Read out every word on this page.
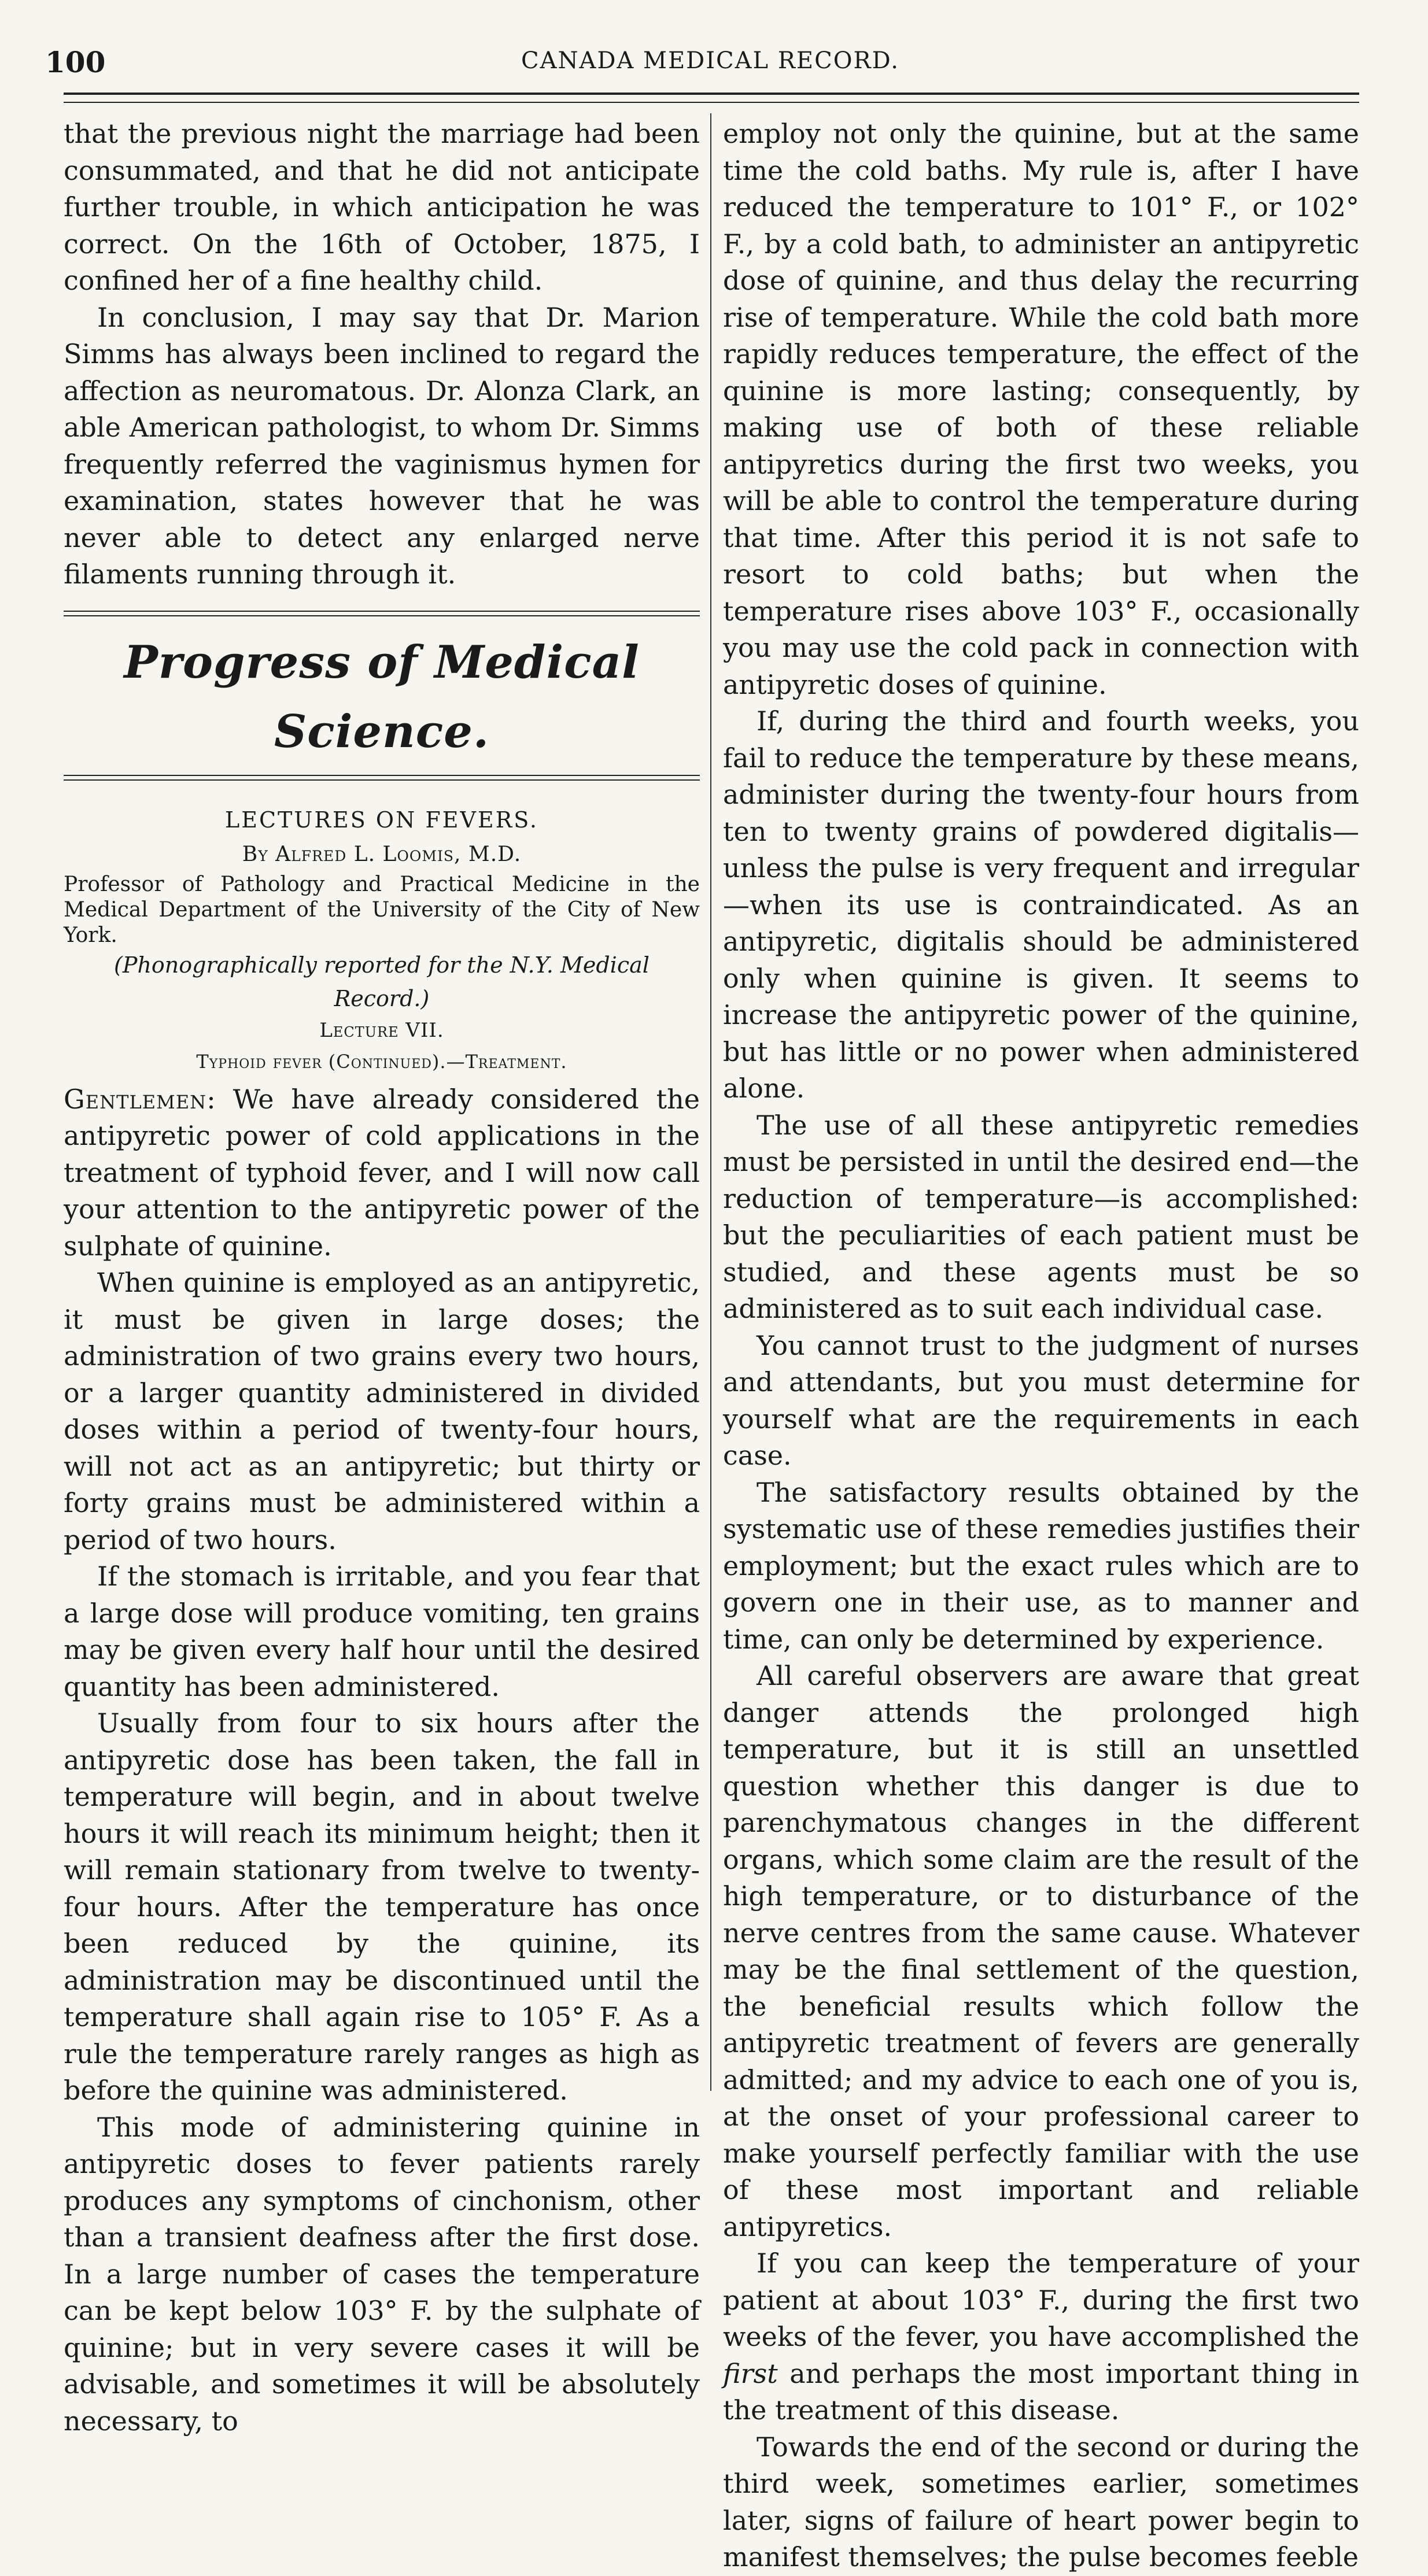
100	CANADA MEDICAL RECORD.

that the previous night the marriage had been consummated, and that he did not anticipate further trouble, in which anticipation he was correct. On the 16th of October, 1875, I confined her of a fine healthy child.

In conclusion, I may say that Dr. Marion Simms has always been inclined to regard the affection as neuromatous. Dr. Alonza Clark, an able American pathologist, to whom Dr. Simms frequently referred the vaginismus hymen for examination, states however that he was never able to detect any enlarged nerve filaments running through it.

Progress of Medical Science.
LECTURES ON FEVERS.
By Alfred L. Loomis, M.D.

Professor of Pathology and Practical Medicine in the Medical Department of the University of the City of New York.

(Phonographically reported for the N.Y. Medical Record.)
Lecture VII.
Typhoid fever (Continued).—Treatment.

Gentlemen: We have already considered the antipyretic power of cold applications in the treatment of typhoid fever, and I will now call your attention to the antipyretic power of the sulphate of quinine.

When quinine is employed as an antipyretic, it must be given in large doses; the administration of two grains every two hours, or a larger quantity administered in divided doses within a period of twenty-four hours, will not act as an antipyretic; but thirty or forty grains must be administered within a period of two hours.

If the stomach is irritable, and you fear that a large dose will produce vomiting, ten grains may be given every half hour until the desired quantity has been administered.

Usually from four to six hours after the antipyretic dose has been taken, the fall in temperature will begin, and in about twelve hours it will reach its minimum height; then it will remain stationary from twelve to twenty-four hours. After the temperature has once been reduced by the quinine, its administration may be discontinued until the temperature shall again rise to 105° F. As a rule the temperature rarely ranges as high as before the quinine was administered.

This mode of administering quinine in antipyretic doses to fever patients rarely produces any symptoms of cinchonism, other than a transient deafness after the first dose. In a large number of cases the temperature can be kept below 103° F. by the sulphate of quinine; but in very severe cases it will be advisable, and sometimes it will be absolutely necessary, to

employ not only the quinine, but at the same time the cold baths. My rule is, after I have reduced the temperature to 101° F., or 102° F., by a cold bath, to administer an antipyretic dose of quinine, and thus delay the recurring rise of temperature. While the cold bath more rapidly reduces temperature, the effect of the quinine is more lasting; consequently, by making use of both of these reliable antipyretics during the first two weeks, you will be able to control the temperature during that time. After this period it is not safe to resort to cold baths; but when the temperature rises above 103° F., occasionally you may use the cold pack in connection with antipyretic doses of quinine.

If, during the third and fourth weeks, you fail to reduce the temperature by these means, administer during the twenty-four hours from ten to twenty grains of powdered digitalis—unless the pulse is very frequent and irregular—when its use is contraindicated. As an antipyretic, digitalis should be administered only when quinine is given. It seems to increase the antipyretic power of the quinine, but has little or no power when administered alone.

The use of all these antipyretic remedies must be persisted in until the desired end—the reduction of temperature—is accomplished: but the peculiarities of each patient must be studied, and these agents must be so administered as to suit each individual case.

You cannot trust to the judgment of nurses and attendants, but you must determine for yourself what are the requirements in each case.

The satisfactory results obtained by the systematic use of these remedies justifies their employment; but the exact rules which are to govern one in their use, as to manner and time, can only be determined by experience.

All careful observers are aware that great danger attends the prolonged high temperature, but it is still an unsettled question whether this danger is due to parenchymatous changes in the different organs, which some claim are the result of the high temperature, or to disturbance of the nerve centres from the same cause. Whatever may be the final settlement of the question, the beneficial results which follow the antipyretic treatment of fevers are generally admitted; and my advice to each one of you is, at the onset of your professional career to make yourself perfectly familiar with the use of these most important and reliable antipyretics.

If you can keep the temperature of your patient at about 103° F., during the first two weeks of the fever, you have accomplished the first and perhaps the most important thing in the treatment of this disease.

Towards the end of the second or during the third week, sometimes earlier, sometimes later, signs of failure of heart power begin to manifest themselves; the pulse becomes feeble
